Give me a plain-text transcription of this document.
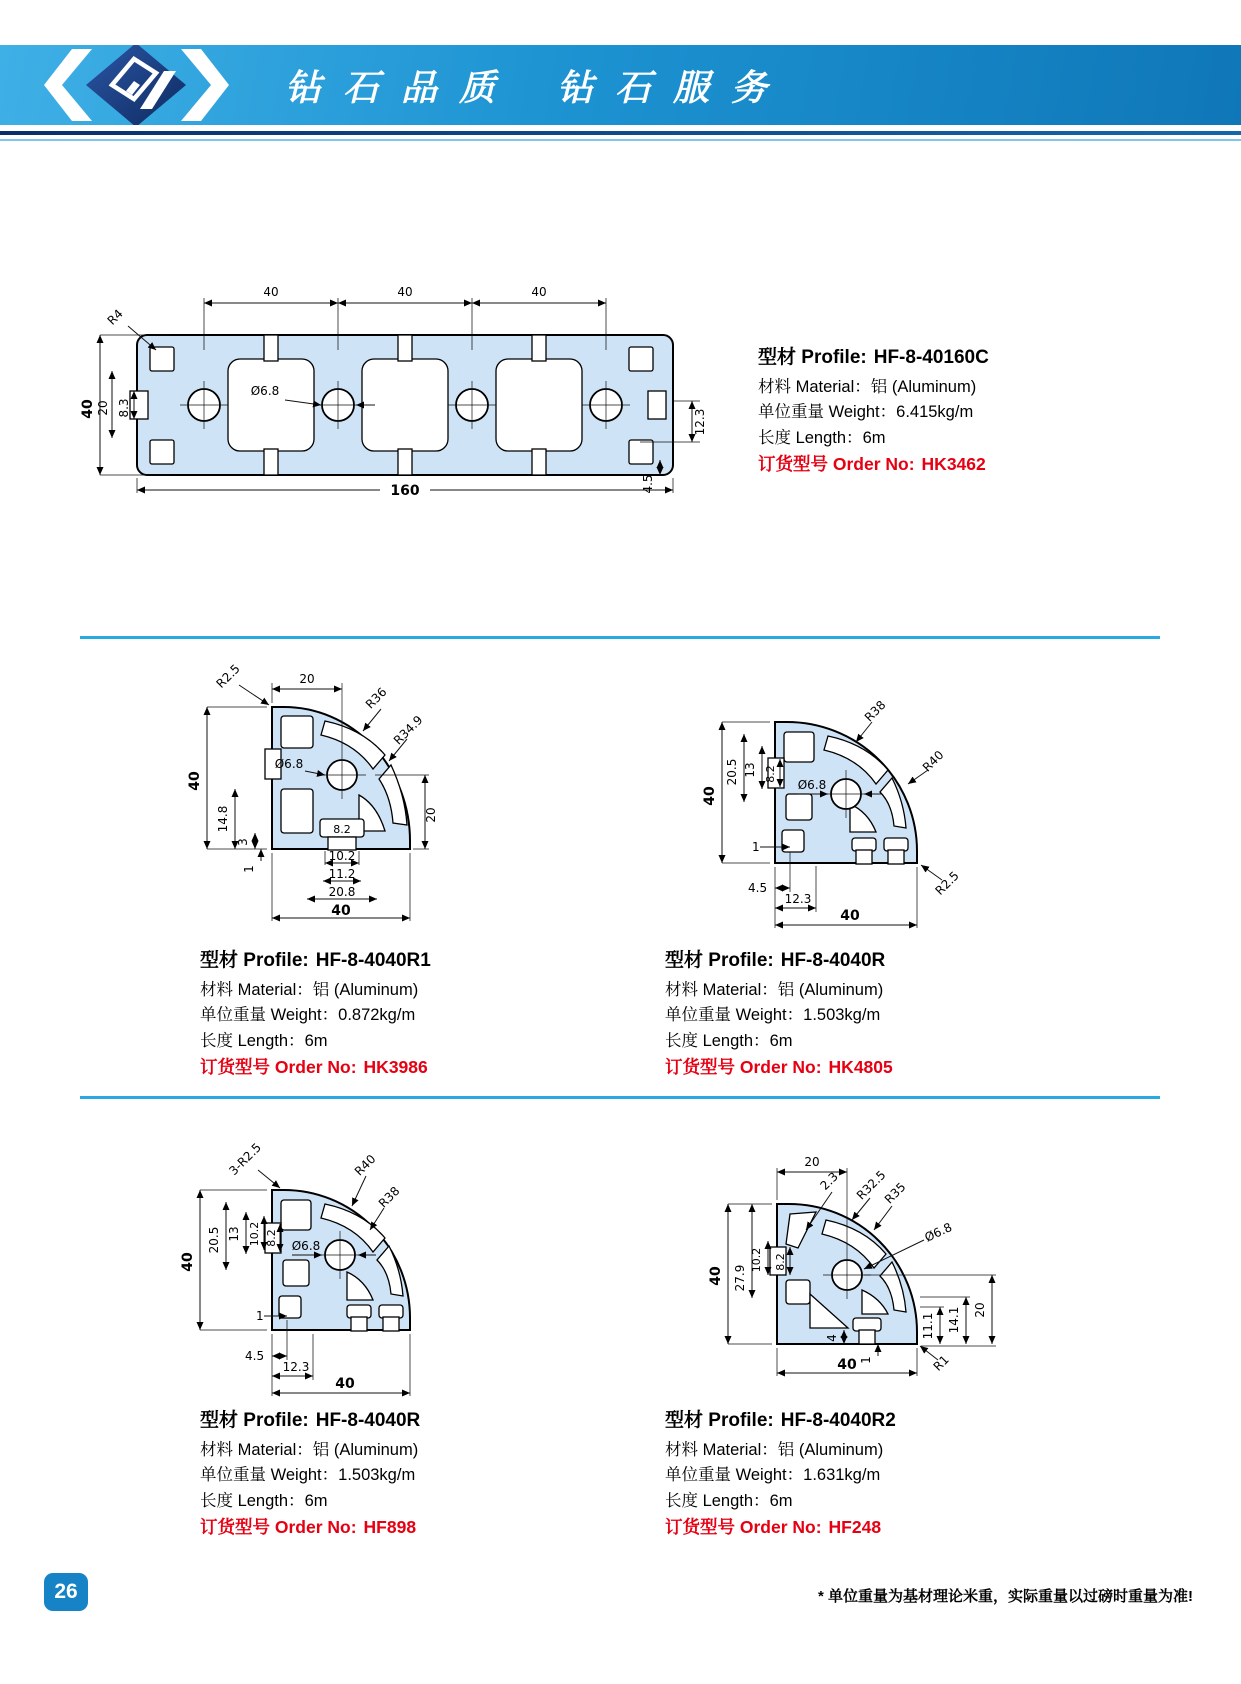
钻石品质 钻石服务
40	40	40
R4
40 20 8.3
Ø6.8
12.3
4.5
160
型材 Profile: HF-8-40160C
材料 Material：铝 (Aluminum)
单位重量 Weight：6.415kg/m
长度 Length：6m
订货型号 Order No: HK3462
R2.5	20
R36
R34.9
40
Ø6.8
14.8
3
1
20
8.2
10.2
11.2
20.8
40
型材 Profile: HF-8-4040R1
材料 Material：铝 (Aluminum)
单位重量 Weight：0.872kg/m
长度 Length：6m
订货型号 Order No: HK3986
40
20.5 13 8.2
Ø6.8
R38
R40
1
4.5
12.3
40
R2.5
型材 Profile: HF-8-4040R
材料 Material：铝 (Aluminum)
单位重量 Weight：1.503kg/m
长度 Length：6m
订货型号 Order No: HK4805
3-R2.5	R40
R38
40
20.5 13 10.2 8.2 Ø6.8
1
4.5
12.3
40
型材 Profile: HF-8-4040R
材料 Material：铝 (Aluminum)
单位重量 Weight：1.503kg/m
长度 Length：6m
订货型号 Order No: HF898
20
2.3 R32.5
R35
Ø6.8
40 27.9
10.2 8.2
4
1
11.1 14.1 20
R1
40
型材 Profile: HF-8-4040R2
材料 Material：铝 (Aluminum)
单位重量 Weight：1.631kg/m
长度 Length：6m
订货型号 Order No: HF248
26	* 单位重量为基材理论米重，实际重量以过磅时重量为准!
